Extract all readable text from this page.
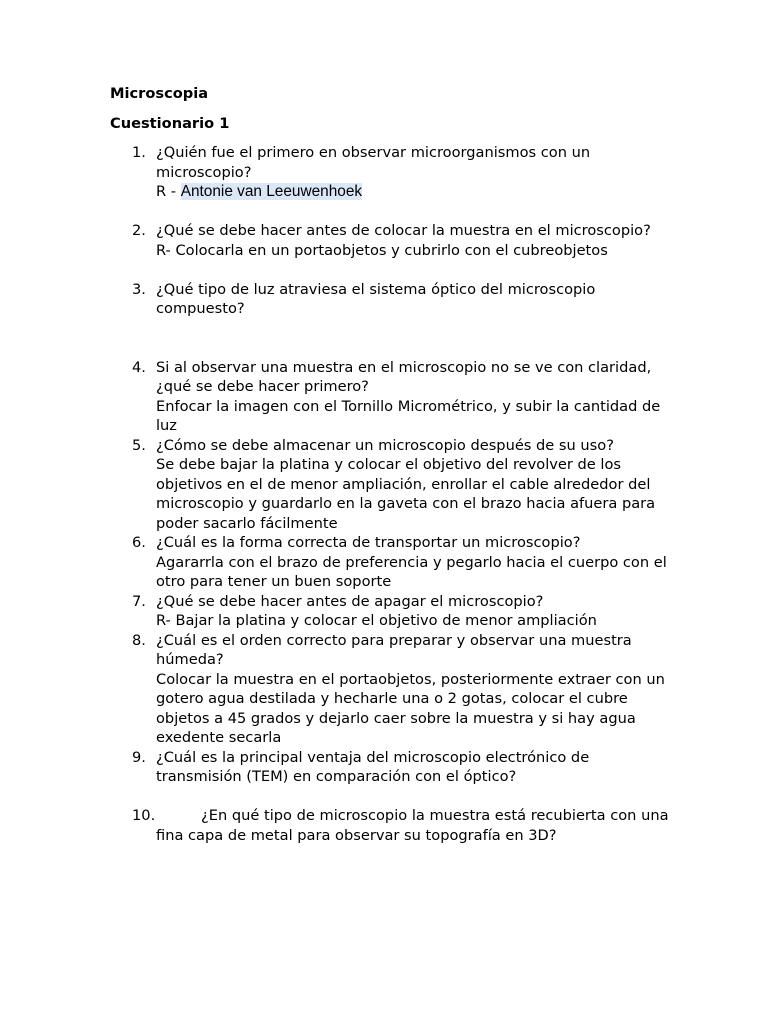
Microscopia
Cuestionario 1
1. ¿Quién fue el primero en observar microorganismos con un microscopio?
R - Antonie van Leeuwenhoek
2. ¿Qué se debe hacer antes de colocar la muestra en el microscopio?
R- Colocarla en un portaobjetos y cubrirlo con el cubreobjetos
3. ¿Qué tipo de luz atraviesa el sistema óptico del microscopio compuesto?
4. Si al observar una muestra en el microscopio no se ve con claridad, ¿qué se debe hacer primero?
Enfocar la imagen con el Tornillo Micrométrico, y subir la cantidad de luz
5. ¿Cómo se debe almacenar un microscopio después de su uso?
Se debe bajar la platina y colocar el objetivo del revolver de los objetivos en el de menor ampliación, enrollar el cable alrededor del microscopio y guardarlo en la gaveta con el brazo hacia afuera para poder sacarlo fácilmente
6. ¿Cuál es la forma correcta de transportar un microscopio?
Agararrla con el brazo de preferencia y pegarlo hacia el cuerpo con el otro para tener un buen soporte
7. ¿Qué se debe hacer antes de apagar el microscopio?
R- Bajar la platina y colocar el objetivo de menor ampliación
8. ¿Cuál es el orden correcto para preparar y observar una muestra húmeda?
Colocar la muestra en el portaobjetos, posteriormente extraer con un gotero agua destilada y hecharle una o 2 gotas, colocar el cubre objetos a 45 grados y dejarlo caer sobre la muestra y si hay agua exedente secarla
9. ¿Cuál es la principal ventaja del microscopio electrónico de transmisión (TEM) en comparación con el óptico?
10.	¿En qué tipo de microscopio la muestra está recubierta con una fina capa de metal para observar su topografía en 3D?
